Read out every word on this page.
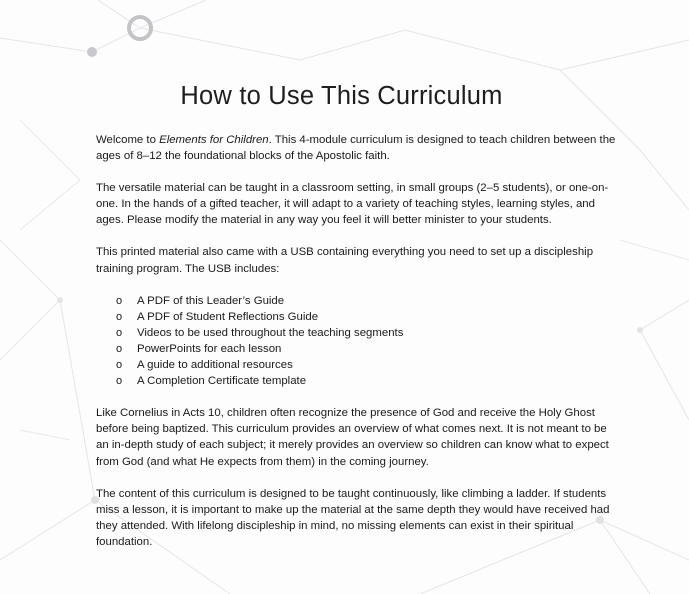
How to Use This Curriculum

Welcome to Elements for Children. This 4-module curriculum is designed to teach children between the ages of 8–12 the foundational blocks of the Apostolic faith.

The versatile material can be taught in a classroom setting, in small groups (2–5 students), or one-on-one. In the hands of a gifted teacher, it will adapt to a variety of teaching styles, learning styles, and ages. Please modify the material in any way you feel it will better minister to your students.

This printed material also came with a USB containing everything you need to set up a discipleship training program. The USB includes:

o A PDF of this Leader’s Guide
o A PDF of Student Reflections Guide
o Videos to be used throughout the teaching segments
o PowerPoints for each lesson
o A guide to additional resources
o A Completion Certificate template

Like Cornelius in Acts 10, children often recognize the presence of God and receive the Holy Ghost before being baptized. This curriculum provides an overview of what comes next. It is not meant to be an in-depth study of each subject; it merely provides an overview so children can know what to expect from God (and what He expects from them) in the coming journey.

The content of this curriculum is designed to be taught continuously, like climbing a ladder. If students miss a lesson, it is important to make up the material at the same depth they would have received had they attended. With lifelong discipleship in mind, no missing elements can exist in their spiritual foundation.
